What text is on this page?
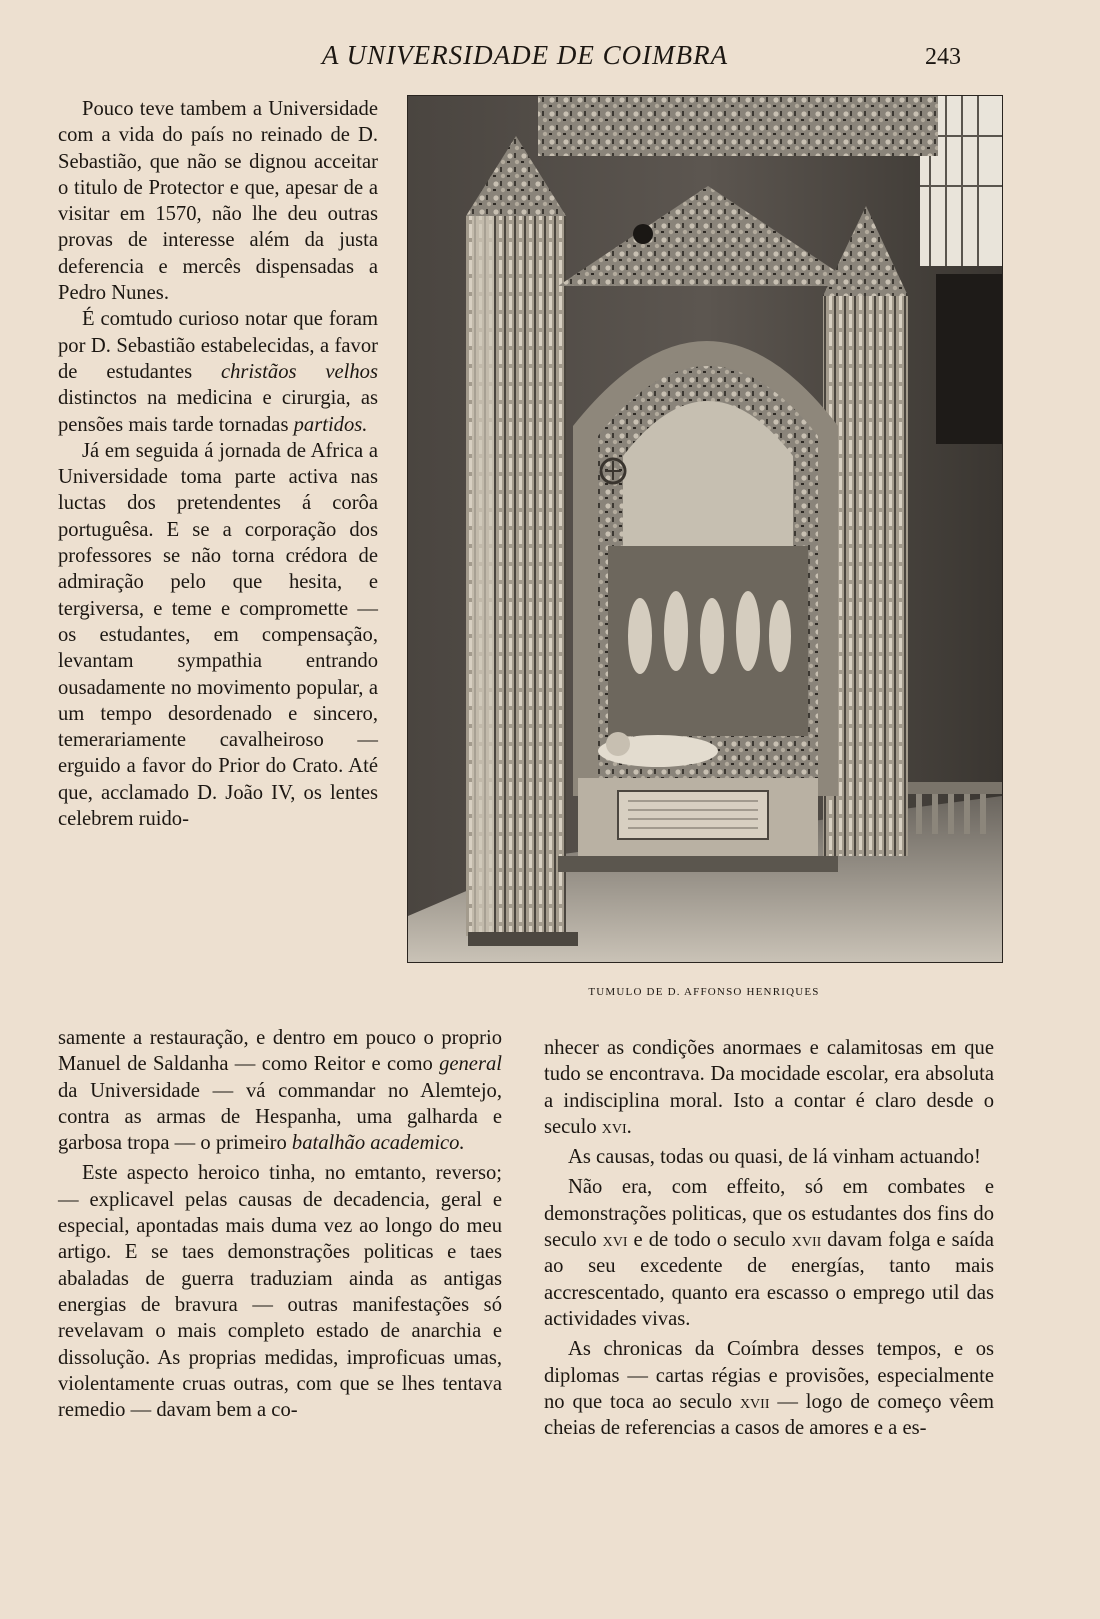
A UNIVERSIDADE DE COIMBRA	243

Pouco teve tambem a Universidade com a vida do país no reinado de D. Sebastião, que não se dignou acceitar o titulo de Protector e que, apesar de a visitar em 1570, não lhe deu outras provas de interesse além da justa deferencia e mercês dispensadas a Pedro Nunes.

É comtudo curioso notar que foram por D. Sebastião estabelecidas, a favor de estudantes christãos velhos distinctos na medicina e cirurgia, as pensões mais tarde tornadas partidos.

Já em seguida á jornada de Africa a Universidade toma parte activa nas luctas dos pretendentes á corôa portuguêsa. E se a corporação dos professores se não torna crédora de admiração pelo que hesita, e tergiversa, e teme e compromette — os estudantes, em compensação, levantam sympathia entrando ousadamente no movimento popular, a um tempo desordenado e sincero, temerariamente cavalheiroso — erguido a favor do Prior do Crato. Até que, acclamado D. João IV, os lentes celebrem ruido-

TUMULO DE D. AFFONSO HENRIQUES

samente a restauração, e dentro em pouco o proprio Manuel de Saldanha — como Reitor e como general da Universidade — vá commandar no Alemtejo, contra as armas de Hespanha, uma galharda e garbosa tropa — o primeiro batalhão academico.

Este aspecto heroico tinha, no emtanto, reverso; — explicavel pelas causas de decadencia, geral e especial, apontadas mais duma vez ao longo do meu artigo. E se taes demonstrações politicas e taes abaladas de guerra traduziam ainda as antigas energias de bravura — outras manifestações só revelavam o mais completo estado de anarchia e dissolução. As proprias medidas, improficuas umas, violentamente cruas outras, com que se lhes tentava remedio — davam bem a co-

nhecer as condições anormaes e calamitosas em que tudo se encontrava. Da mocidade escolar, era absoluta a indisciplina moral. Isto a contar é claro desde o seculo xvi.

As causas, todas ou quasi, de lá vinham actuando!

Não era, com effeito, só em combates e demonstrações politicas, que os estudantes dos fins do seculo xvi e de todo o seculo xvii davam folga e saída ao seu excedente de energías, tanto mais accrescentado, quanto era escasso o emprego util das actividades vivas.

As chronicas da Coímbra desses tempos, e os diplomas — cartas régias e provisões, especialmente no que toca ao seculo xvii — logo de começo vêem cheias de referencias a casos de amores e a es-
